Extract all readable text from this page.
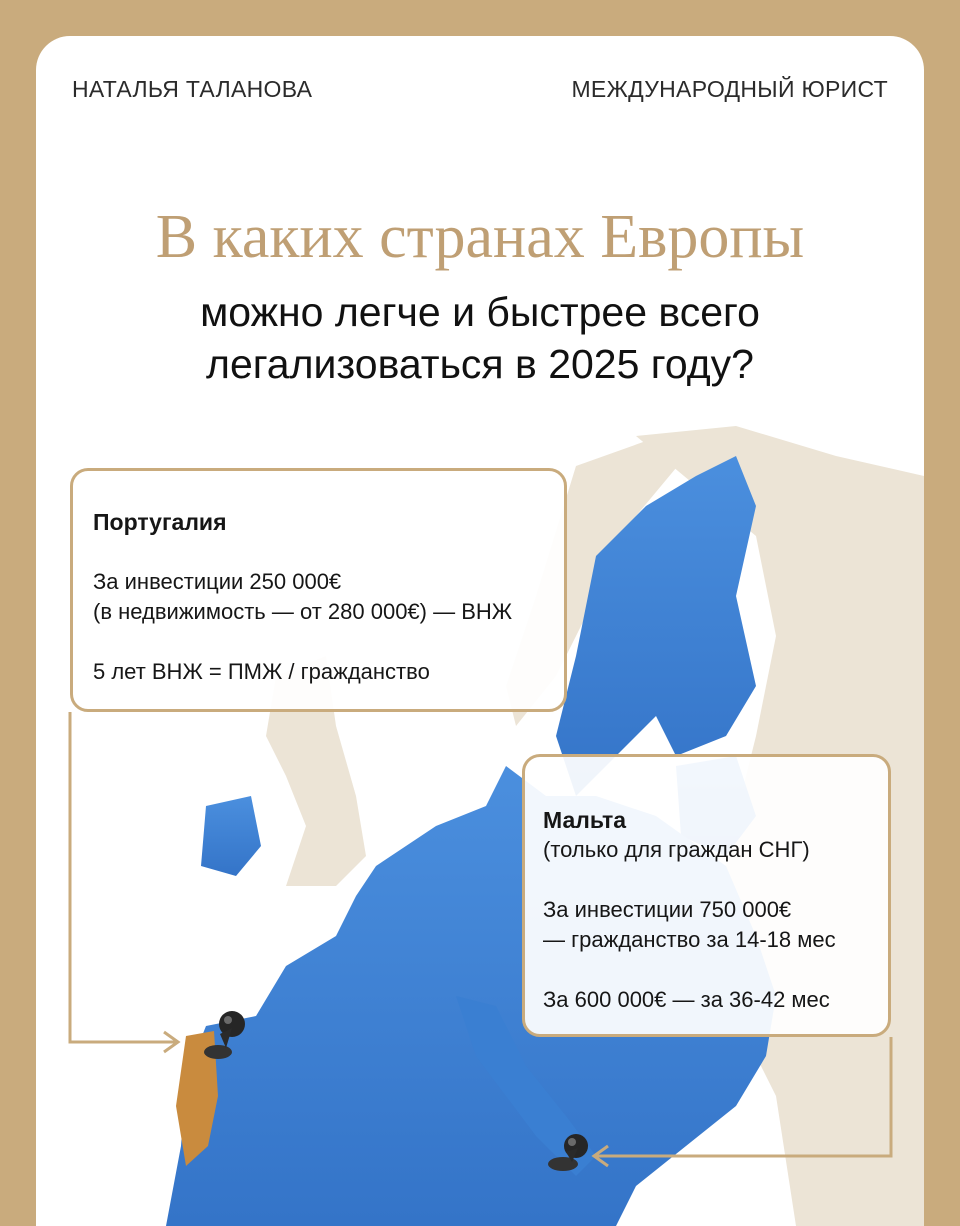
НАТАЛЬЯ ТАЛАНОВА	МЕЖДУНАРОДНЫЙ ЮРИСТ
В каких странах Европы
можно легче и быстрее всего
легализоваться в 2025 году?
Португалия
За инвестиции 250 000€
(в недвижимость — от 280 000€) — ВНЖ
5 лет ВНЖ = ПМЖ / гражданство
Мальта
(только для граждан СНГ)
За инвестиции 750 000€
— гражданство за 14-18 мес
За 600 000€ — за 36-42 мес
